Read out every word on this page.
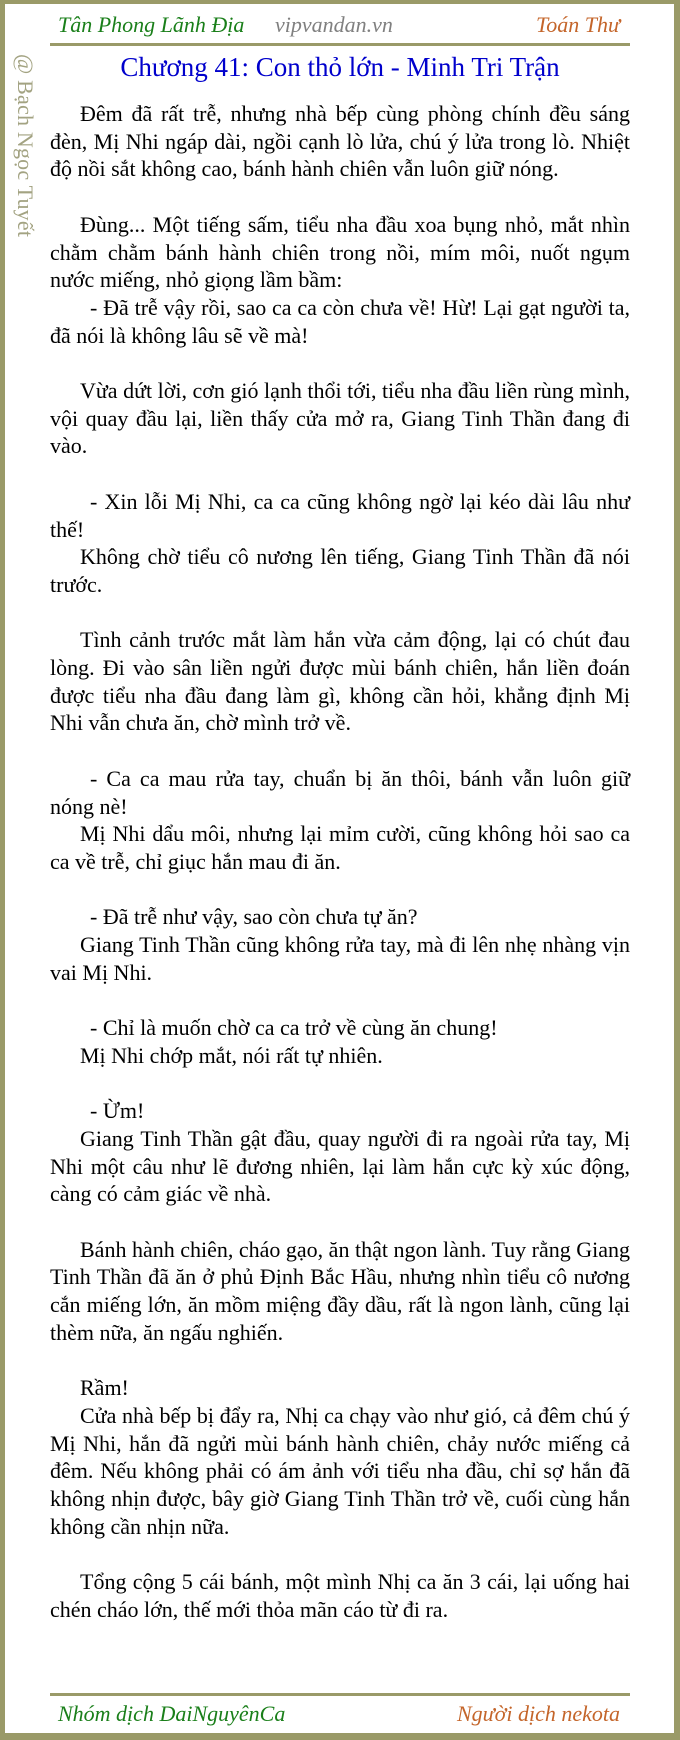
@ Bạch Ngọc Tuyết
Tân Phong Lãnh Địa vipvandan.vn	Toán Thư
Chương 41: Con thỏ lớn - Minh Tri Trận

Đêm đã rất trễ, nhưng nhà bếp cùng phòng chính đều sáng đèn, Mị Nhi ngáp dài, ngồi cạnh lò lửa, chú ý lửa trong lò. Nhiệt độ nồi sắt không cao, bánh hành chiên vẫn luôn giữ nóng.

Đùng... Một tiếng sấm, tiểu nha đầu xoa bụng nhỏ, mắt nhìn chằm chằm bánh hành chiên trong nồi, mím môi, nuốt ngụm nước miếng, nhỏ giọng lầm bầm:

- Đã trễ vậy rồi, sao ca ca còn chưa về! Hừ! Lại gạt người ta, đã nói là không lâu sẽ về mà!

Vừa dứt lời, cơn gió lạnh thổi tới, tiểu nha đầu liền rùng mình, vội quay đầu lại, liền thấy cửa mở ra, Giang Tinh Thần đang đi vào.

- Xin lỗi Mị Nhi, ca ca cũng không ngờ lại kéo dài lâu như thế!

Không chờ tiểu cô nương lên tiếng, Giang Tinh Thần đã nói trước.

Tình cảnh trước mắt làm hắn vừa cảm động, lại có chút đau lòng. Đi vào sân liền ngửi được mùi bánh chiên, hắn liền đoán được tiểu nha đầu đang làm gì, không cần hỏi, khẳng định Mị Nhi vẫn chưa ăn, chờ mình trở về.

- Ca ca mau rửa tay, chuẩn bị ăn thôi, bánh vẫn luôn giữ nóng nè!

Mị Nhi dẩu môi, nhưng lại mỉm cười, cũng không hỏi sao ca ca về trễ, chỉ giục hắn mau đi ăn.

- Đã trễ như vậy, sao còn chưa tự ăn?

Giang Tinh Thần cũng không rửa tay, mà đi lên nhẹ nhàng vịn vai Mị Nhi.

- Chỉ là muốn chờ ca ca trở về cùng ăn chung!

Mị Nhi chớp mắt, nói rất tự nhiên.

- Ừm!

Giang Tinh Thần gật đầu, quay người đi ra ngoài rửa tay, Mị Nhi một câu như lẽ đương nhiên, lại làm hắn cực kỳ xúc động, càng có cảm giác về nhà.

Bánh hành chiên, cháo gạo, ăn thật ngon lành. Tuy rằng Giang Tinh Thần đã ăn ở phủ Định Bắc Hầu, nhưng nhìn tiểu cô nương cắn miếng lớn, ăn mồm miệng đầy dầu, rất là ngon lành, cũng lại thèm nữa, ăn ngấu nghiến.

Rầm!

Cửa nhà bếp bị đẩy ra, Nhị ca chạy vào như gió, cả đêm chú ý Mị Nhi, hắn đã ngửi mùi bánh hành chiên, chảy nước miếng cả đêm. Nếu không phải có ám ảnh với tiểu nha đầu, chỉ sợ hắn đã không nhịn được, bây giờ Giang Tinh Thần trở về, cuối cùng hắn không cần nhịn nữa.

Tổng cộng 5 cái bánh, một mình Nhị ca ăn 3 cái, lại uống hai chén cháo lớn, thế mới thỏa mãn cáo từ đi ra.

Nhóm dịch DaiNguyênCa	Người dịch nekota
